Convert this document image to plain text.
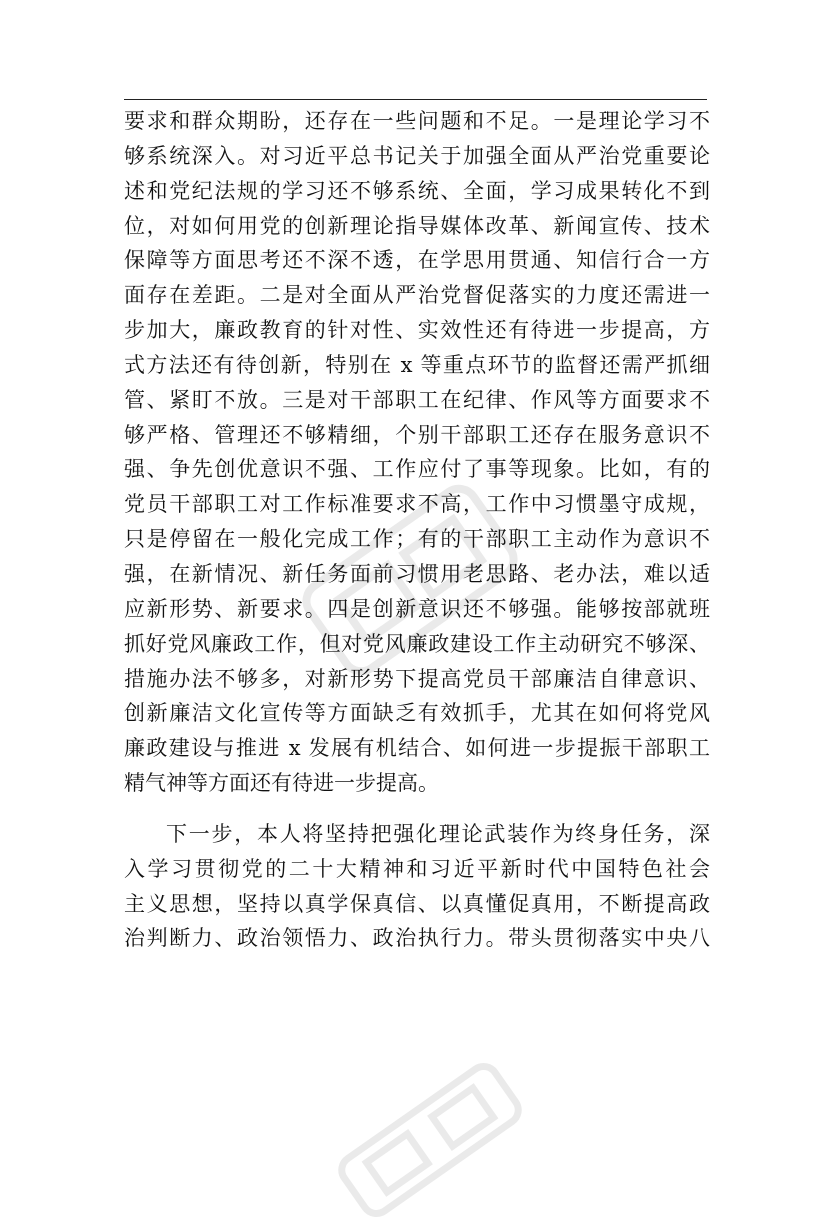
要求和群众期盼，还存在一些问题和不足。一是理论学习不
够系统深入。对习近平总书记关于加强全面从严治党重要论
述和党纪法规的学习还不够系统、全面，学习成果转化不到
位，对如何用党的创新理论指导媒体改革、新闻宣传、技术
保障等方面思考还不深不透，在学思用贯通、知信行合一方
面存在差距。二是对全面从严治党督促落实的力度还需进一
步加大，廉政教育的针对性、实效性还有待进一步提高，方
式方法还有待创新，特别在 x 等重点环节的监督还需严抓细
管、紧盯不放。三是对干部职工在纪律、作风等方面要求不
够严格、管理还不够精细，个别干部职工还存在服务意识不
强、争先创优意识不强、工作应付了事等现象。比如，有的
党员干部职工对工作标准要求不高，工作中习惯墨守成规，
只是停留在一般化完成工作；有的干部职工主动作为意识不
强，在新情况、新任务面前习惯用老思路、老办法，难以适
应新形势、新要求。四是创新意识还不够强。能够按部就班
抓好党风廉政工作，但对党风廉政建设工作主动研究不够深、
措施办法不够多，对新形势下提高党员干部廉洁自律意识、
创新廉洁文化宣传等方面缺乏有效抓手，尤其在如何将党风
廉政建设与推进 x 发展有机结合、如何进一步提振干部职工
精气神等方面还有待进一步提高。
下一步，本人将坚持把强化理论武装作为终身任务，深
入学习贯彻党的二十大精神和习近平新时代中国特色社会
主义思想，坚持以真学保真信、以真懂促真用，不断提高政
治判断力、政治领悟力、政治执行力。带头贯彻落实中央八
